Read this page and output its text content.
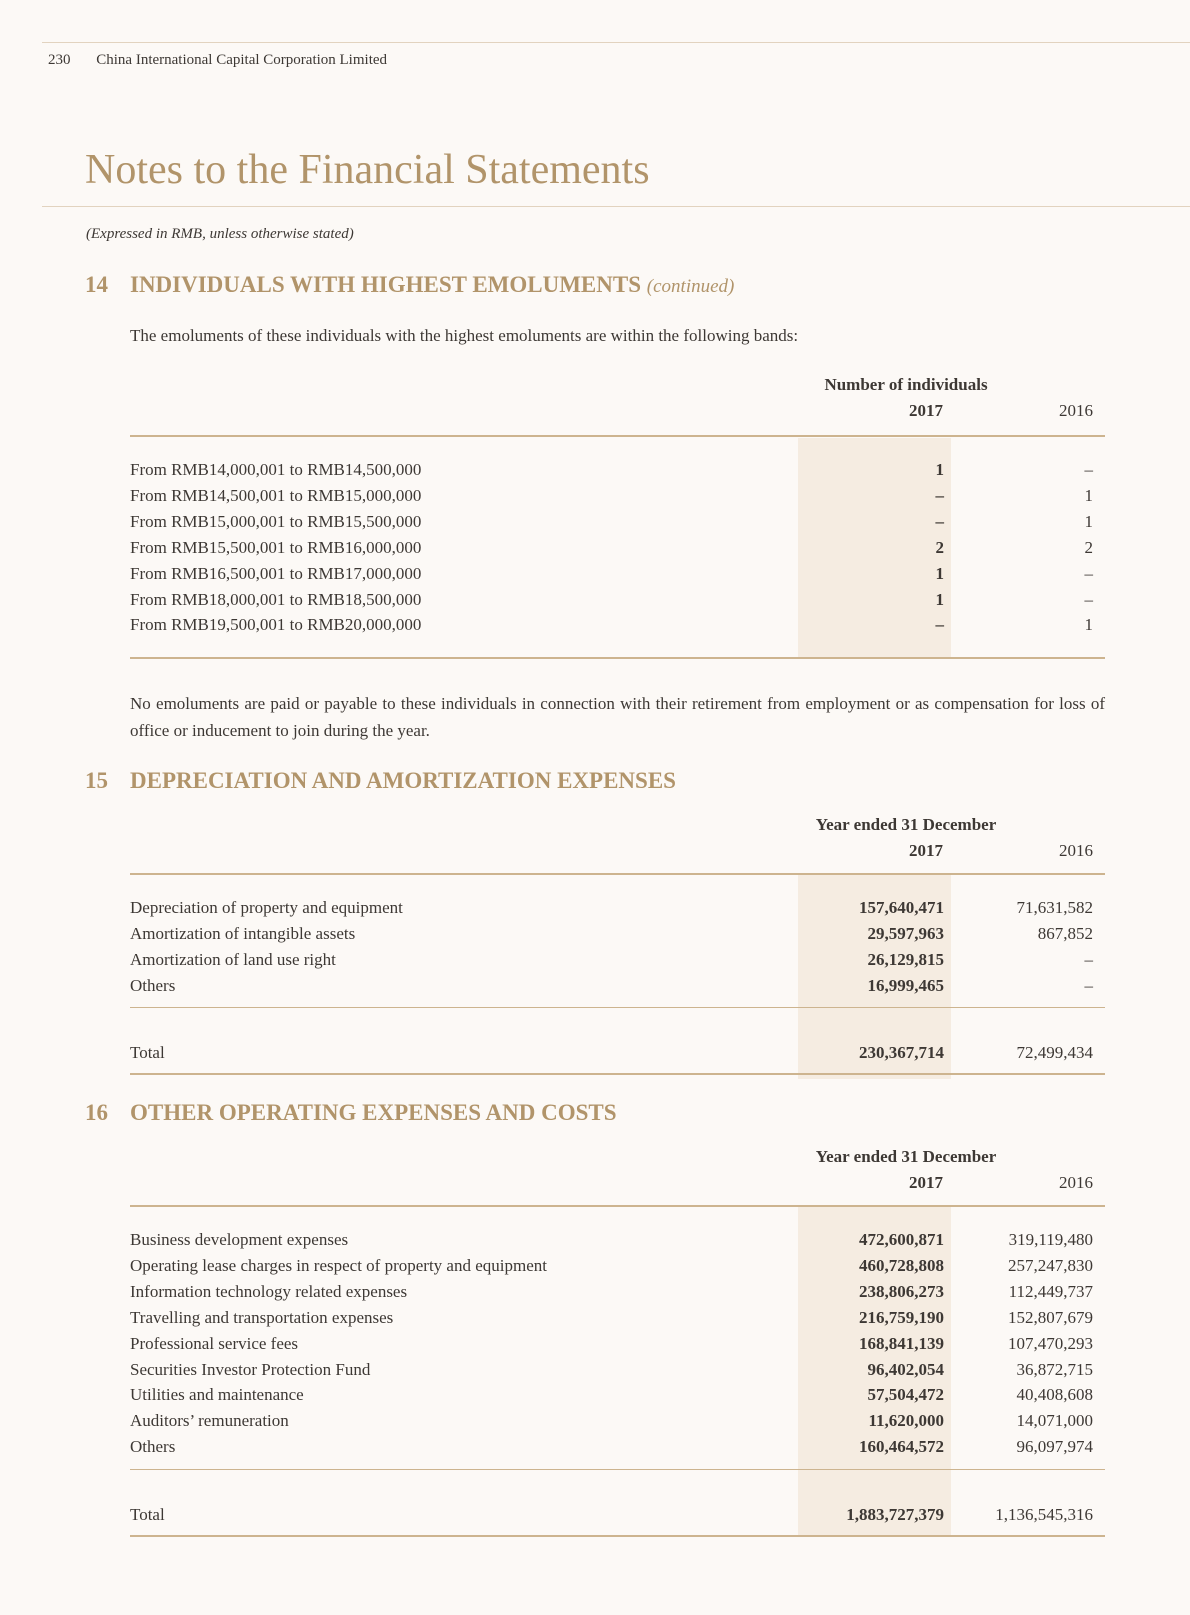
230 China International Capital Corporation Limited
Notes to the Financial Statements
(Expressed in RMB, unless otherwise stated)
14 INDIVIDUALS WITH HIGHEST EMOLUMENTS (continued)
The emoluments of these individuals with the highest emoluments are within the following bands:
Number of individuals
2017	2016
From RMB14,000,001 to RMB14,500,000	1	–
From RMB14,500,001 to RMB15,000,000	–	1
From RMB15,000,001 to RMB15,500,000	–	1
From RMB15,500,001 to RMB16,000,000	2	2
From RMB16,500,001 to RMB17,000,000	1	–
From RMB18,000,001 to RMB18,500,000	1	–
From RMB19,500,001 to RMB20,000,000	–	1
No emoluments are paid or payable to these individuals in connection with their retirement from employment or as compensation for loss of office or inducement to join during the year.
15 DEPRECIATION AND AMORTIZATION EXPENSES
Year ended 31 December
2017	2016
Depreciation of property and equipment	157,640,471	71,631,582
Amortization of intangible assets	29,597,963	867,852
Amortization of land use right	26,129,815	–
Others	16,999,465	–
Total	230,367,714	72,499,434
16 OTHER OPERATING EXPENSES AND COSTS
Year ended 31 December
2017	2016
Business development expenses	472,600,871	319,119,480
Operating lease charges in respect of property and equipment	460,728,808	257,247,830
Information technology related expenses	238,806,273	112,449,737
Travelling and transportation expenses	216,759,190	152,807,679
Professional service fees	168,841,139	107,470,293
Securities Investor Protection Fund	96,402,054	36,872,715
Utilities and maintenance	57,504,472	40,408,608
Auditors’ remuneration	11,620,000	14,071,000
Others	160,464,572	96,097,974
Total	1,883,727,379	1,136,545,316
